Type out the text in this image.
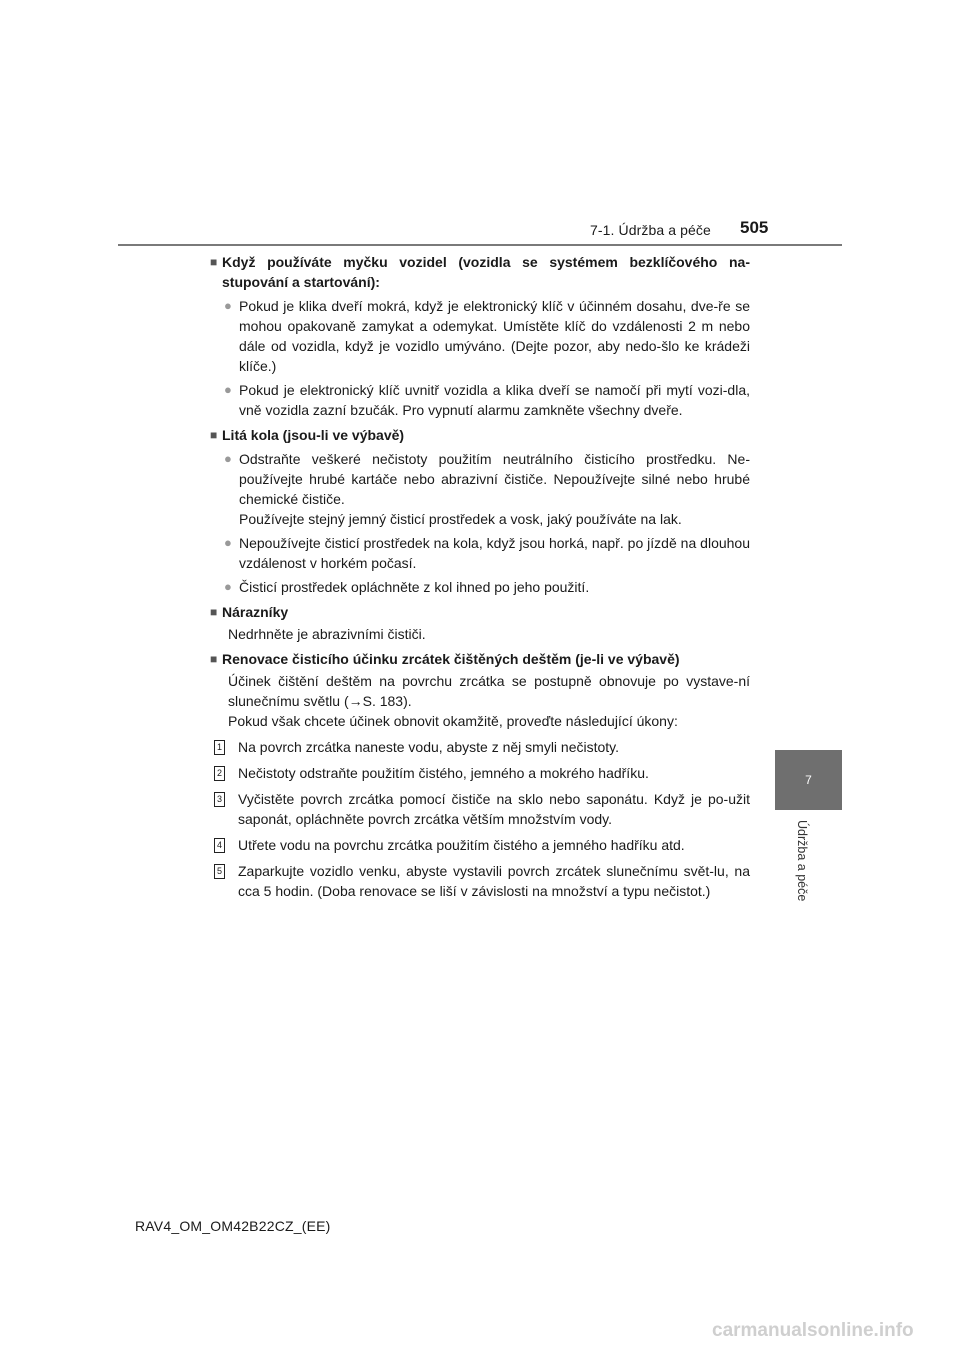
7-1. Údržba a péče 505
7
Údržba a péče
■ Když používáte myčku vozidel (vozidla se systémem bezklíčového na-stupování a startování):
● Pokud je klika dveří mokrá, když je elektronický klíč v účinném dosahu, dve-ře se mohou opakovaně zamykat a odemykat. Umístěte klíč do vzdálenosti 2 m nebo dále od vozidla, když je vozidlo umýváno. (Dejte pozor, aby nedo-šlo ke krádeži klíče.)
● Pokud je elektronický klíč uvnitř vozidla a klika dveří se namočí při mytí vozi-dla, vně vozidla zazní bzučák. Pro vypnutí alarmu zamkněte všechny dveře.
■ Litá kola (jsou-li ve výbavě)
● Odstraňte veškeré nečistoty použitím neutrálního čisticího prostředku. Ne-používejte hrubé kartáče nebo abrazivní čističe. Nepoužívejte silné nebo hrubé chemické čističe.
Používejte stejný jemný čisticí prostředek a vosk, jaký používáte na lak.
● Nepoužívejte čisticí prostředek na kola, když jsou horká, např. po jízdě na dlouhou vzdálenost v horkém počasí.
● Čisticí prostředek opláchněte z kol ihned po jeho použití.
■ Nárazníky
Nedrhněte je abrazivními čističi.
■ Renovace čisticího účinku zrcátek čištěných deštěm (je-li ve výbavě)
Účinek čištění deštěm na povrchu zrcátka se postupně obnovuje po vystave-ní slunečnímu světlu (→S. 183).
Pokud však chcete účinek obnovit okamžitě, proveďte následující úkony:
1 Na povrch zrcátka naneste vodu, abyste z něj smyli nečistoty.
2 Nečistoty odstraňte použitím čistého, jemného a mokrého hadříku.
3 Vyčistěte povrch zrcátka pomocí čističe na sklo nebo saponátu. Když je po-užit saponát, opláchněte povrch zrcátka větším množstvím vody.
4 Utřete vodu na povrchu zrcátka použitím čistého a jemného hadříku atd.
5 Zaparkujte vozidlo venku, abyste vystavili povrch zrcátek slunečnímu svět-lu, na cca 5 hodin. (Doba renovace se liší v závislosti na množství a typu nečistot.)
RAV4_OM_OM42B22CZ_(EE)
carmanualsonline.info
